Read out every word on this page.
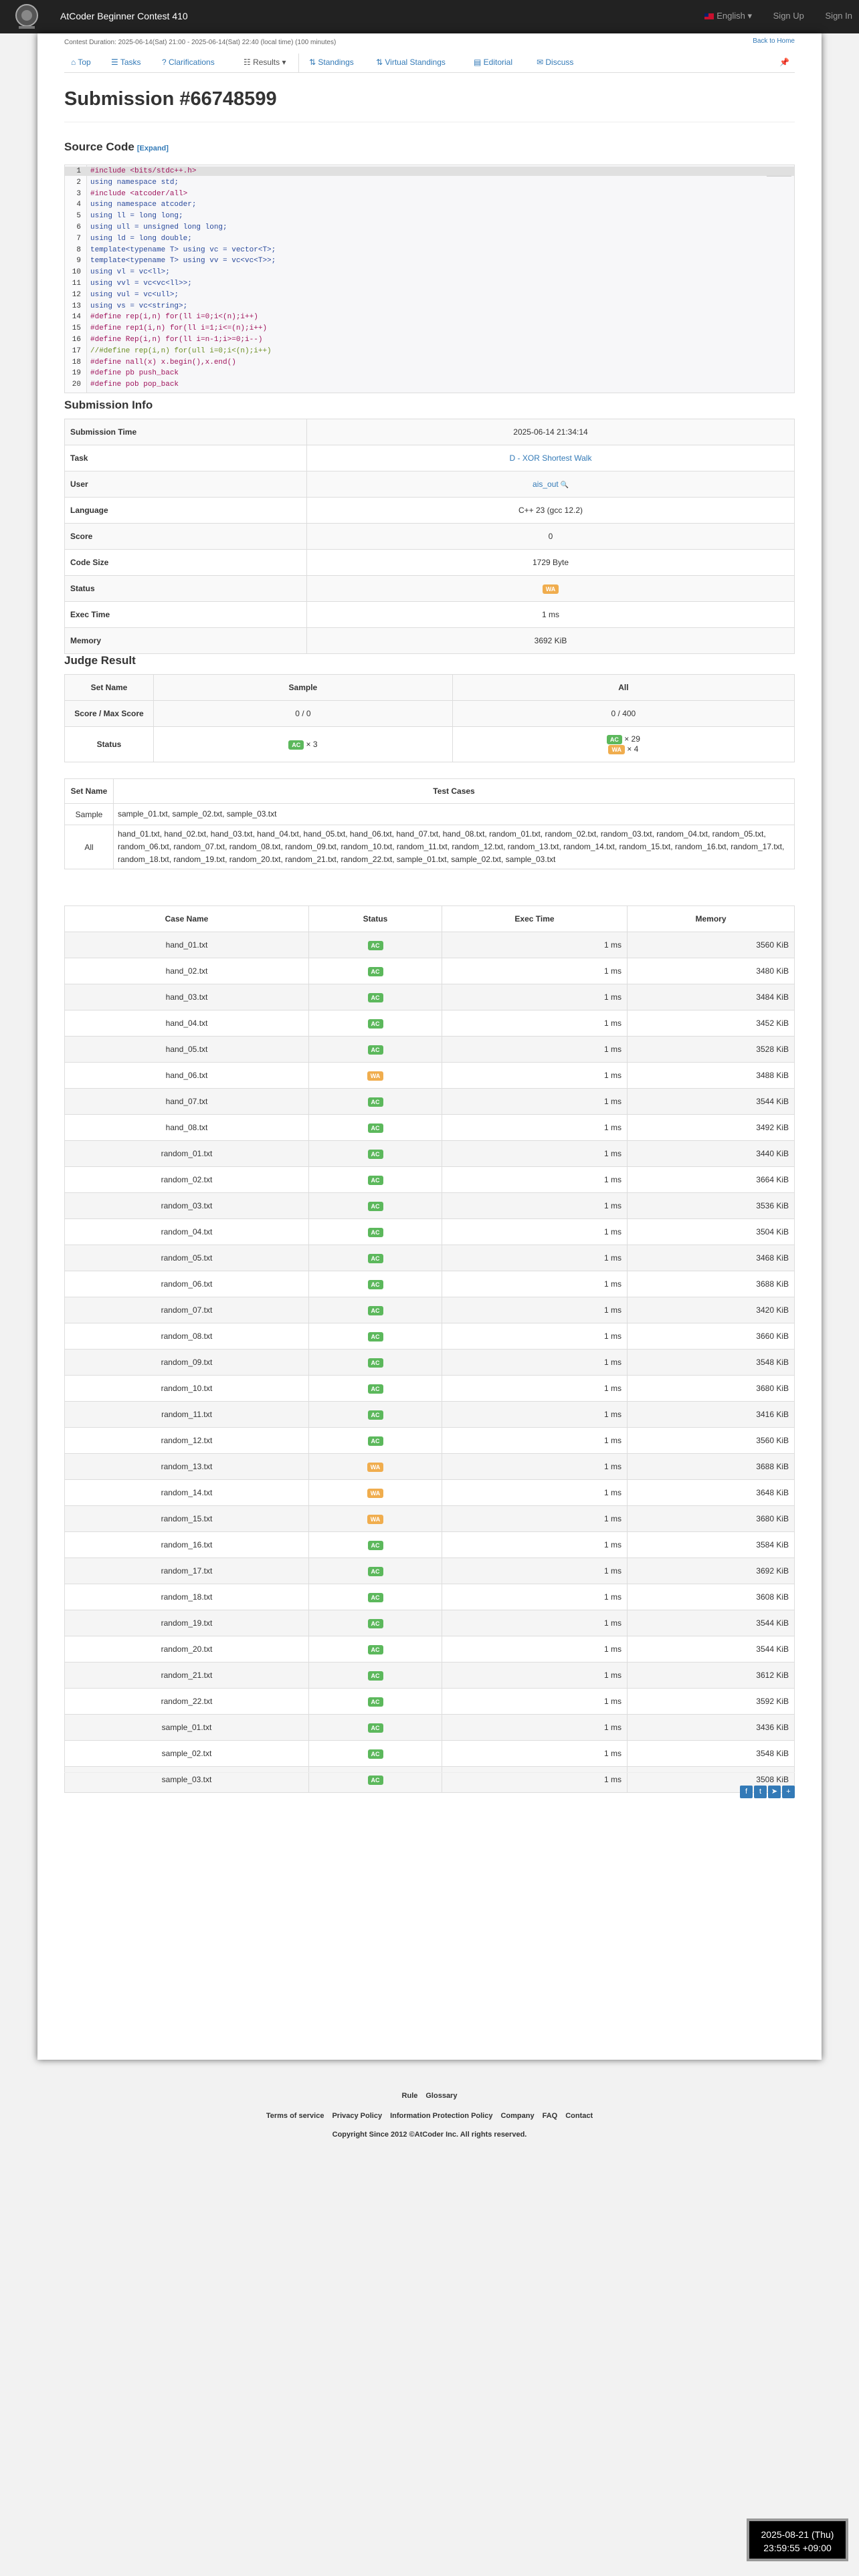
AtCoder Beginner Contest 410	English ▾ Sign Up Sign In
Contest Duration: 2025-06-14(Sat) 21:00 - 2025-06-14(Sat) 22:40 (local time) (100 minutes)	Back to Home
📌
⌂ Top	☰ Tasks	? Clarifications	☷ Results ▾	⇅ Standings	⇅ Virtual Standings	▤ Editorial	✉ Discuss
Submission #66748599
Source Code [Expand]
1 #include <bits/stdc++.h>
2 using namespace std;
3 #include <atcoder/all>
4 using namespace atcoder;
5 using ll = long long;
6 using ull = unsigned long long;
7 using ld = long double;
8 template<typename T> using vc = vector<T>;
9 template<typename T> using vv = vc<vc<T>>;
10 using vl = vc<ll>;
11 using vvl = vc<vc<ll>>;
12 using vul = vc<ull>;
13 using vs = vc<string>;
14 #define rep(i,n) for(ll i=0;i<(n);i++)
15 #define rep1(i,n) for(ll i=1;i<=(n);i++)
16 #define Rep(i,n) for(ll i=n-1;i>=0;i--)
17 //#define rep(i,n) for(ull i=0;i<(n);i++)
18 #define nall(x) x.begin(),x.end()
19 #define pb push_back
20 #define pob pop_back
Submission Info
Submission Time	2025-06-14 21:34:14
Task	D - XOR Shortest Walk
User	ais_out 🔍
Language	C++ 23 (gcc 12.2)
Score	0
Code Size	1729 Byte
Status	WA
Exec Time	1 ms
Memory	3692 KiB
Judge Result
Set Name	Sample	All
Score / Max Score	0 / 0	0 / 400
Status	AC × 3	AC × 29
WA × 4
Set Name	Test Cases
Sample	sample_01.txt, sample_02.txt, sample_03.txt
All	hand_01.txt, hand_02.txt, hand_03.txt, hand_04.txt, hand_05.txt, hand_06.txt, hand_07.txt, hand_08.txt, random_01.txt, random_02.txt, random_03.txt, random_04.txt, random_05.txt, random_06.txt, random_07.txt, random_08.txt, random_09.txt, random_10.txt, random_11.txt, random_12.txt, random_13.txt, random_14.txt, random_15.txt, random_16.txt, random_17.txt, random_18.txt, random_19.txt, random_20.txt, random_21.txt, random_22.txt, sample_01.txt, sample_02.txt, sample_03.txt
Case Name	Status	Exec Time	Memory
hand_01.txt	AC	1 ms	3560 KiB
hand_02.txt	AC	1 ms	3480 KiB
hand_03.txt	AC	1 ms	3484 KiB
hand_04.txt	AC	1 ms	3452 KiB
hand_05.txt	AC	1 ms	3528 KiB
hand_06.txt	WA	1 ms	3488 KiB
hand_07.txt	AC	1 ms	3544 KiB
hand_08.txt	AC	1 ms	3492 KiB
random_01.txt	AC	1 ms	3440 KiB
random_02.txt	AC	1 ms	3664 KiB
random_03.txt	AC	1 ms	3536 KiB
random_04.txt	AC	1 ms	3504 KiB
random_05.txt	AC	1 ms	3468 KiB
random_06.txt	AC	1 ms	3688 KiB
random_07.txt	AC	1 ms	3420 KiB
random_08.txt	AC	1 ms	3660 KiB
random_09.txt	AC	1 ms	3548 KiB
random_10.txt	AC	1 ms	3680 KiB
random_11.txt	AC	1 ms	3416 KiB
random_12.txt	AC	1 ms	3560 KiB
random_13.txt	WA	1 ms	3688 KiB
random_14.txt	WA	1 ms	3648 KiB
random_15.txt	WA	1 ms	3680 KiB
random_16.txt	AC	1 ms	3584 KiB
random_17.txt	AC	1 ms	3692 KiB
random_18.txt	AC	1 ms	3608 KiB
random_19.txt	AC	1 ms	3544 KiB
random_20.txt	AC	1 ms	3544 KiB
random_21.txt	AC	1 ms	3612 KiB
random_22.txt	AC	1 ms	3592 KiB
sample_01.txt	AC	1 ms	3436 KiB
sample_02.txt	AC	1 ms	3548 KiB
sample_03.txt	AC	1 ms	3508 KiB
f t ➤ +
Rule Glossary
Terms of service Privacy Policy Information Protection Policy Company FAQ Contact
Copyright Since 2012 ©AtCoder Inc. All rights reserved.
2025-08-21 (Thu)
23:59:55 +09:00
